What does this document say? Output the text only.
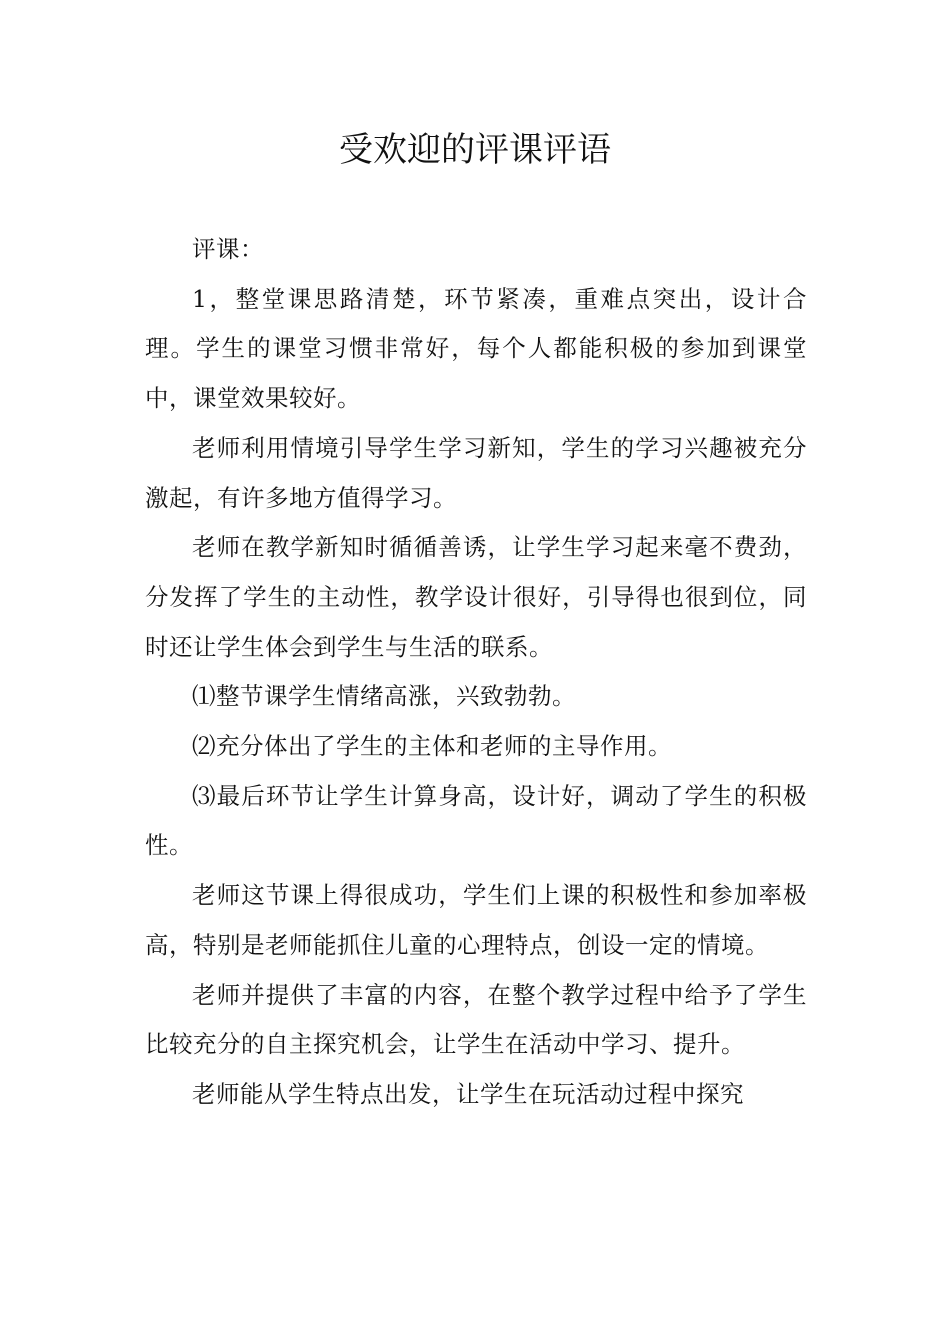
受欢迎的评课评语

评课：

1，整堂课思路清楚，环节紧凑，重难点突出，设计合理。学生的课堂习惯非常好，每个人都能积极的参加到课堂中，课堂效果较好。

老师利用情境引导学生学习新知，学生的学习兴趣被充分激起，有许多地方值得学习。

老师在教学新知时循循善诱，让学生学习起来毫不费劲，分发挥了学生的主动性，教学设计很好，引导得也很到位，同时还让学生体会到学生与生活的联系。

⑴整节课学生情绪高涨，兴致勃勃。

⑵充分体出了学生的主体和老师的主导作用。

⑶最后环节让学生计算身高，设计好，调动了学生的积极性。

老师这节课上得很成功，学生们上课的积极性和参加率极高，特别是老师能抓住儿童的心理特点，创设一定的情境。

老师并提供了丰富的内容，在整个教学过程中给予了学生比较充分的自主探究机会，让学生在活动中学习、提升。

老师能从学生特点出发，让学生在玩活动过程中探究
